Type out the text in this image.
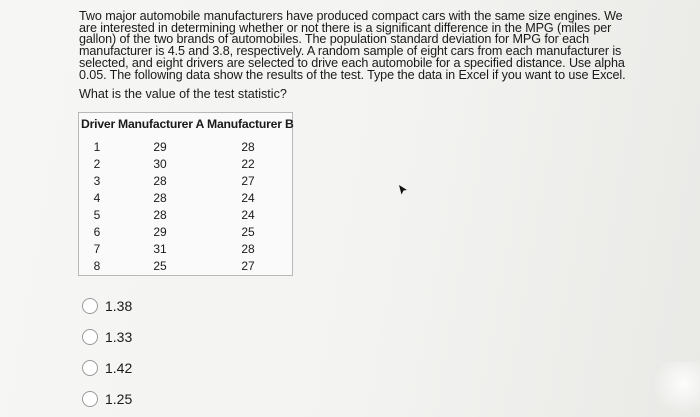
Two major automobile manufacturers have produced compact cars with the same size engines. We are interested in determining whether or not there is a significant difference in the MPG (miles per gallon) of the two brands of automobiles. The population standard deviation for MPG for each manufacturer is 4.5 and 3.8, respectively. A random sample of eight cars from each manufacturer is selected, and eight drivers are selected to drive each automobile for a specified distance. Use alpha 0.05. The following data show the results of the test. Type the data in Excel if you want to use Excel.
What is the value of the test statistic?
Driver Manufacturer A Manufacturer B
1	29	28
2	30	22
3	28	27
4	28	24
5	28	24
6	29	25
7	31	28
8	25	27
1.38
1.33
1.42
1.25
